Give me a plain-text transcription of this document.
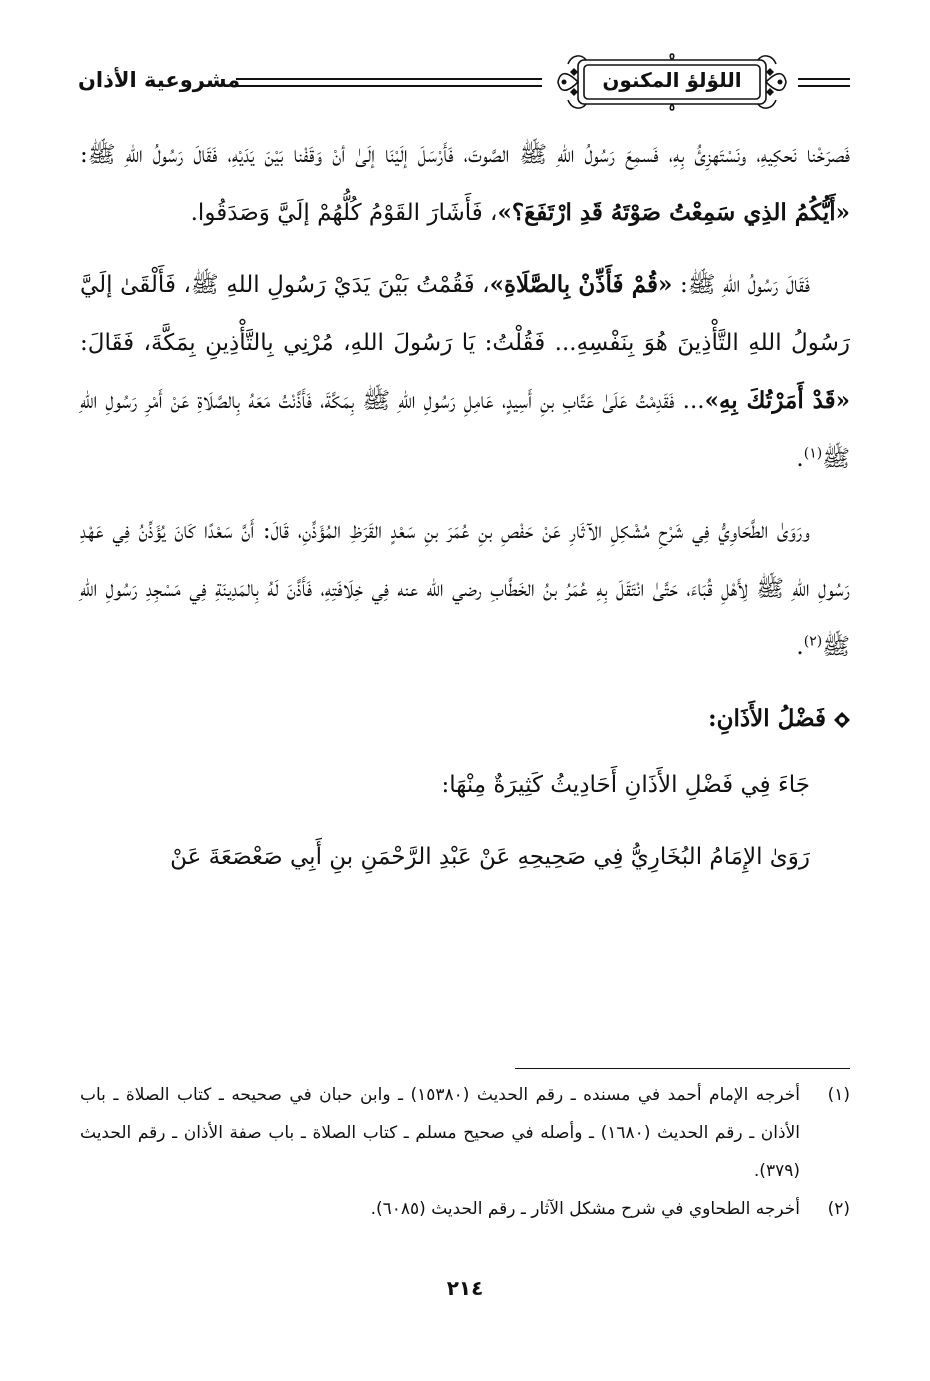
مشروعية الأذان	اللؤلؤ المكنون

فَصرَخْنا نَحكِيهِ، ونَسْتَهزِئُ بِهِ، فَسمِعَ رَسُولُ اللهِ ﷺ الصَّوتَ، فَأَرْسَلَ إلَيْنَا إلَىٰ أنْ وَقَفْنا بَيْنَ يَدَيْهِ، فَقَالَ رَسُولُ اللهِ ﷺ: «أَيُّكُمُ الذِي سَمِعْتُ صَوْتَهُ قَدِ ارْتَفَعَ؟»، فَأَشَارَ القَوْمُ كُلُّهُمْ إلَيَّ وَصَدَقُوا.

فَقَالَ رَسُولُ اللهِ ﷺ: «قُمْ فَأَذِّنْ بِالصَّلَاةِ»، فَقُمْتُ بَيْنَ يَدَيْ رَسُولِ اللهِ ﷺ، فَأَلْقَىٰ إلَيَّ رَسُولُ اللهِ التَّأْذِينَ هُوَ بِنَفْسِهِ... فَقُلْتُ: يَا رَسُولَ اللهِ، مُرْنِي بِالتَّأْذِينِ بِمَكَّةَ، فَقَالَ: «قَدْ أَمَرْتُكَ بِهِ»... فَقَدِمْتُ عَلَىٰ عَتَّابِ بنِ أَسِيدٍ، عَامِلِ رَسُولِ اللهِ ﷺ بِمَكَّةَ، فَأَذَّنْتُ مَعَهُ بِالصَّلَاةِ عَنْ أَمْرِ رَسُولِ اللهِ ﷺ$^{(١)}$.

ورَوَىٰ الطَّحَاوِيُّ فِي شَرْحِ مُشْكِلِ الآثَارِ عَنْ حَفْصِ بنِ عُمَرَ بنِ سَعْدٍ القَرَظِ المُؤَذِّنِ، قَالَ: أَنَّ سَعْدًا كَانَ يُؤَذِّنُ فِي عَهْدِ رَسُولِ اللهِ ﷺ لِأَهْلِ قُبَاءَ، حَتَّىٰ انْتَقَلَ بِهِ عُمَرُ بنُ الخَطَّابِ رضي الله عنه فِي خِلَافَتِهِ، فَأَذَّنَ لَهُ بِالمَدِينَةِ فِي مَسْجِدِ رَسُولِ اللهِ ﷺ$^{(٢)}$.

فَضْلُ الأَذَانِ:

جَاءَ فِي فَضْلِ الأَذَانِ أَحَادِيثُ كَثِيرَةٌ مِنْهَا:

رَوَىٰ الإِمَامُ البُخَارِيُّ فِي صَحِيحِهِ عَنْ عَبْدِ الرَّحْمَنِ بنِ أَبِي صَعْصَعَةَ عَنْ

(١)
أخرجه الإمام أحمد في مسنده ـ رقم الحديث (١٥٣٨٠) ـ وابن حبان في صحيحه ـ كتاب الصلاة ـ باب الأذان ـ رقم الحديث (١٦٨٠) ـ وأصله في صحيح مسلم ـ كتاب الصلاة ـ باب صفة الأذان ـ رقم الحديث (٣٧٩).
(٢)
أخرجه الطحاوي في شرح مشكل الآثار ـ رقم الحديث (٦٠٨٥).
٢١٤
